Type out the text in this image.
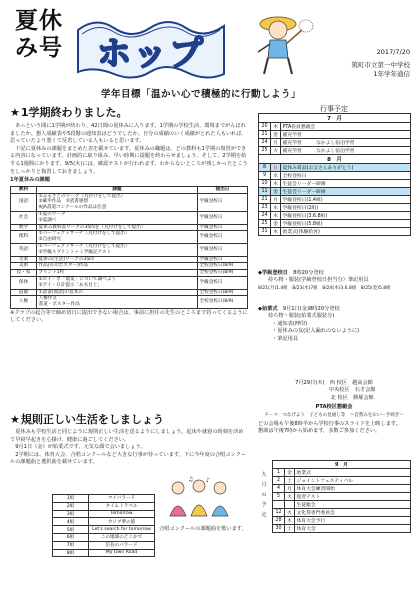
夏休み号 ホップ	2017/7/20
筑町市立第一中学校
1年学年通信
学年目標「温かい心で積極的に行動しよう」
★1学期終わりました。
　あっという間に1学期が終わり、42日間の夏休みに入ります。1学期の学校生活、環境までがんばれましたか。懇人成績表や5段階の通知表はどうでしたか。自分の成績のいく成績がとれた人もいれば、思っていたより悪くて反省している人もいると思います。
　下記に夏休みの課題をまとめた表を載せています。夏休みの職題は、どの教科も1学期の復習ができる内容になっています。計画的に取り組み、早い時期に提題を終わらせましょう。そして、2学期を始する1週間にかります。9/5(火)には、確認テストが行われます。わからないところが残しかったとこうをしっかりと復習しておきましょう。
1年夏休みの課題
教科	課題	提出日
国語	①ふるさとのワーク（丸付けをして提出）
②確申作品　③読書感想
※JA書道コンクールの作品は任意	学級登校日
社会	①夏のワーク
②夏調べ	学級登校日
数学	夏休み教科書ワークの35問を（丸付けをして提出）	学級登校日
理科	①パーフェクトサーチ（丸付けをして提出）
②自由研究	学級登校日
英語	①パーフェクトサーチ（丸付けをして提出）
②学級スプリント＋ミ学級記テスト	学級登校日
音楽	夏休み(生活)ワークの35問	学級登校日
美術	作品(有功ポスター)作品	全校登校日(8/9)
技・家	プリント1枚	全校登校日(8/9)
保体	①ロイ・ポ「農業」について調べよう
②ゲイ・Ｄ計提示「あ水目と」	学級登校日
道徳	①読書(国語)の基本の	全校登校日(8/9)
人権	人権作文
書道・ポスター作品	全校登校日(8/9)
※クラブの起合等で締め切日に提出できない場合は、事前に担任の先生のところまで持ってくるようにしてください。
★規則正しい生活をしましょう
　夏休みも学校生活と同じように規則正しい生活を送るようにしましょう。起床や就寝の時刻を決めて早寝早起きを心掛け、健康に過ごしてください。
　9月1日（金）が始業式です。元気な顔で会いましょう。
　2学期には、体育大会、合唱コンクールなど大きな行事が待っています。下に今年度の合唱コンクールの課題曲と選択曲を載せています。
1組	マイバラード
2組	タイムトラベル
3組	Tomorrow
4組	カリブ夢の旅
5組	Let's search for tomorrow
6組	この地球のどこかで
7組	信長のバラード
8組	My Own Road
合唱コンクールの課題曲を歌います。
♪
♫
行事予定
7　月		
20	木	PTA役員懇親会
21	金	補充学習
24	月	補充学習　　　なかよし宿泊学習
25	火	補充学習　　　なかよし宿泊学習
8　月		
8	日	夏休み賞品(お父さんありがとう)
9	水	全校登校日
10	木	生徒会リーダー研修
11	金	生徒会リーダー研修
21	月	学級登校日(1.4組)
23	水	学級登校日(2組)
24	木	学級登校日(3.6.8組)
25	金	学級登校日(5.8組)
31	木	始業式(体験給食)
◆学級登校日　 8時20分登校
持ち物・服装(学級登校日担当分）筆記用具
8/21(月)1.4組　8/23(水)7組　8/24(木)3.6.8組　8/25(金)5.8組
◆始業式　 9月1日(金)8時20分登校
持ち物・服装(始業式服装分)
・通知表(押印)
・夏休みの友(記入漏れのないように)
・筆記用具
7月29日(木)　西 校区　越高会館
　　　　　　　中央校区　石才会館
　　　　　　　北 校区　篠塚会館
PTA校区懇親会
テーマ：つなげよう　子どもの見通し等　～自然みをおいー手続ぎ～
どの会場も午後8時半から学校行事のスライドを上映します。
懇談は午後7時から始めます。多数ご参加ください。
九月の予定
9　月		
1	金	始業式
2	土	ジョイントフェスティバル
4	月	体育大会練習開始
5	火	復習テスト
		生徒総会
12	火	文化祭専門委員会
28	木	体育大会予行
30	土	体育大会
